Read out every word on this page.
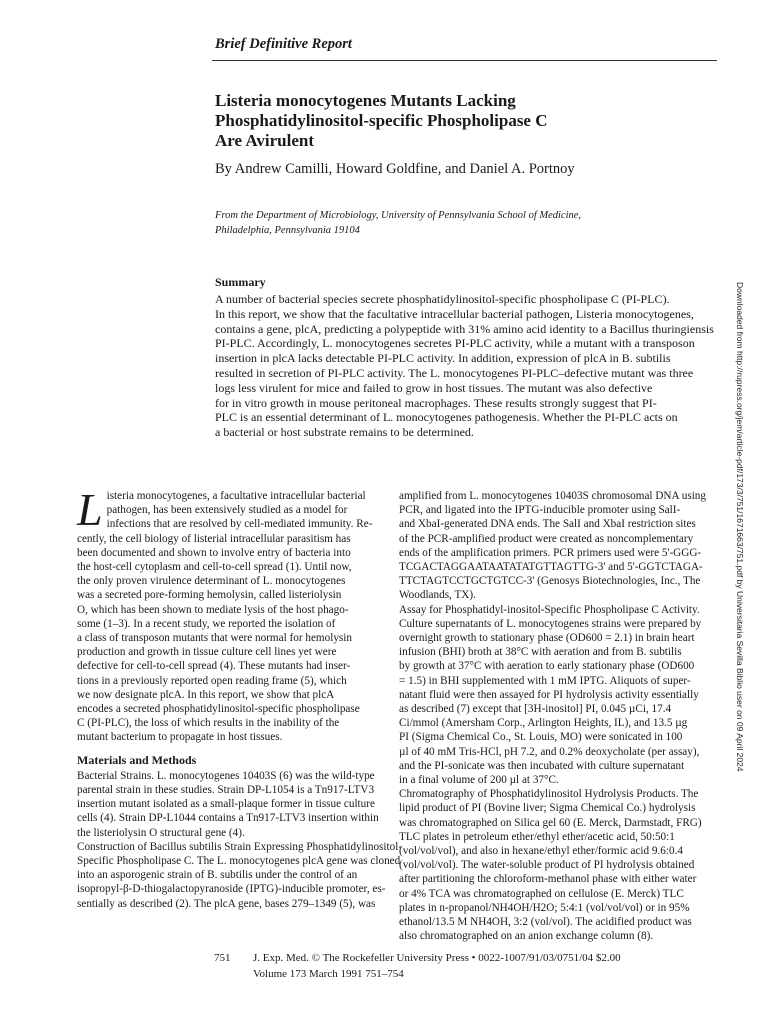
Brief Definitive Report
Listeria monocytogenes Mutants Lacking
Phosphatidylinositol-specific Phospholipase C
Are Avirulent
By Andrew Camilli, Howard Goldfine, and Daniel A. Portnoy
From the Department of Microbiology, University of Pennsylvania School of Medicine,
Philadelphia, Pennsylvania 19104
Summary
A number of bacterial species secrete phosphatidylinositol-specific phospholipase C (PI-PLC).
In this report, we show that the facultative intracellular bacterial pathogen, Listeria monocytogenes,
contains a gene, plcA, predicting a polypeptide with 31% amino acid identity to a Bacillus thuringiensis
PI-PLC. Accordingly, L. monocytogenes secretes PI-PLC activity, while a mutant with a transposon
insertion in plcA lacks detectable PI-PLC activity. In addition, expression of plcA in B. subtilis
resulted in secretion of PI-PLC activity. The L. monocytogenes PI-PLC–defective mutant was three
logs less virulent for mice and failed to grow in host tissues. The mutant was also defective
for in vitro growth in mouse peritoneal macrophages. These results strongly suggest that PI-
PLC is an essential determinant of L. monocytogenes pathogenesis. Whether the PI-PLC acts on
a bacterial or host substrate remains to be determined.
L isteria monocytogenes, a facultative intracellular bacterial
pathogen, has been extensively studied as a model for
infections that are resolved by cell-mediated immunity. Re-
cently, the cell biology of listerial intracellular parasitism has
been documented and shown to involve entry of bacteria into
the host-cell cytoplasm and cell-to-cell spread (1). Until now,
the only proven virulence determinant of L. monocytogenes
was a secreted pore-forming hemolysin, called listeriolysin
O, which has been shown to mediate lysis of the host phago-
some (1–3). In a recent study, we reported the isolation of
a class of transposon mutants that were normal for hemolysin
production and growth in tissue culture cell lines yet were
defective for cell-to-cell spread (4). These mutants had inser-
tions in a previously reported open reading frame (5), which
we now designate plcA. In this report, we show that plcA
encodes a secreted phosphatidylinositol-specific phospholipase
C (PI-PLC), the loss of which results in the inability of the
mutant bacterium to propagate in host tissues.
Materials and Methods
Bacterial Strains. L. monocytogenes 10403S (6) was the wild-type
parental strain in these studies. Strain DP-L1054 is a Tn917-LTV3
insertion mutant isolated as a small-plaque former in tissue culture
cells (4). Strain DP-L1044 contains a Tn917-LTV3 insertion within
the listeriolysin O structural gene (4).
Construction of Bacillus subtilis Strain Expressing Phosphatidylinositol-
Specific Phospholipase C. The L. monocytogenes plcA gene was cloned
into an asporogenic strain of B. subtilis under the control of an
isopropyl-β-D-thiogalactopyranoside (IPTG)-inducible promoter, es-
sentially as described (2). The plcA gene, bases 279–1349 (5), was
amplified from L. monocytogenes 10403S chromosomal DNA using
PCR, and ligated into the IPTG-inducible promoter using SalI-
and XbaI-generated DNA ends. The SalI and XbaI restriction sites
of the PCR-amplified product were created as noncomplementary
ends of the amplification primers. PCR primers used were 5'-GGG-
TCGACTAGGAATAATATATGTTAGTTG-3' and 5'-GGTCTAGA-
TTCTAGTCCTGCTGTCC-3' (Genosys Biotechnologies, Inc., The
Woodlands, TX).
Assay for Phosphatidyl-inositol-Specific Phospholipase C Activity.
Culture supernatants of L. monocytogenes strains were prepared by
overnight growth to stationary phase (OD600 = 2.1) in brain heart
infusion (BHI) broth at 38°C with aeration and from B. subtilis
by growth at 37°C with aeration to early stationary phase (OD600
= 1.5) in BHI supplemented with 1 mM IPTG. Aliquots of super-
natant fluid were then assayed for PI hydrolysis activity essentially
as described (7) except that [3H-inositol] PI, 0.045 µCi, 17.4
Ci/mmol (Amersham Corp., Arlington Heights, IL), and 13.5 µg
PI (Sigma Chemical Co., St. Louis, MO) were sonicated in 100
µl of 40 mM Tris-HCl, pH 7.2, and 0.2% deoxycholate (per assay),
and the PI-sonicate was then incubated with culture supernatant
in a final volume of 200 µl at 37°C.
Chromatography of Phosphatidylinositol Hydrolysis Products. The
lipid product of PI (Bovine liver; Sigma Chemical Co.) hydrolysis
was chromatographed on Silica gel 60 (E. Merck, Darmstadt, FRG)
TLC plates in petroleum ether/ethyl ether/acetic acid, 50:50:1
(vol/vol/vol), and also in hexane/ethyl ether/formic acid 9.6:0.4
(vol/vol/vol). The water-soluble product of PI hydrolysis obtained
after partitioning the chloroform-methanol phase with either water
or 4% TCA was chromatographed on cellulose (E. Merck) TLC
plates in n-propanol/NH4OH/H2O; 5:4:1 (vol/vol/vol) or in 95%
ethanol/13.5 M NH4OH, 3:2 (vol/vol). The acidified product was
also chromatographed on an anion exchange column (8).
751 J. Exp. Med. © The Rockefeller University Press • 0022-1007/91/03/0751/04 $2.00
Volume 173 March 1991 751–754
Downloaded from http://rupress.org/jem/article-pdf/173/3/751/1671663/751.pdf by Universitaria Sevilla Biblio user on 09 April 2024
